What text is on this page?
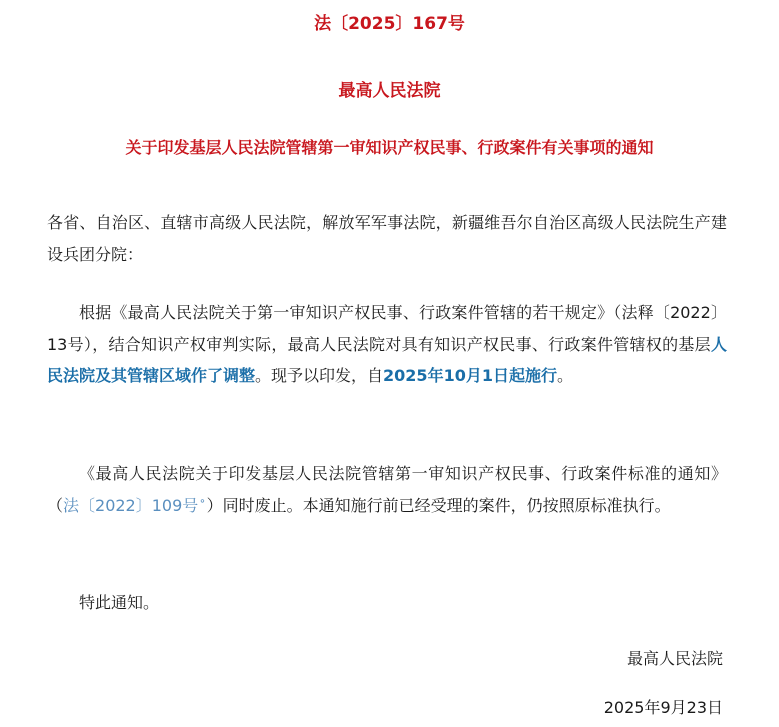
法〔2025〕167号
最高人民法院
关于印发基层人民法院管辖第一审知识产权民事、行政案件有关事项的通知

各省、自治区、直辖市高级人民法院，解放军军事法院，新疆维吾尔自治区高级人民法院生产建设兵团分院：

根据《最高人民法院关于第一审知识产权民事、行政案件管辖的若干规定》（法释〔2022〕13号），结合知识产权审判实际，最高人民法院对具有知识产权民事、行政案件管辖权的基层人民法院及其管辖区域作了调整。现予以印发，自2025年10月1日起施行。

《最高人民法院关于印发基层人民法院管辖第一审知识产权民事、行政案件标准的通知》（法〔2022〕109号⚬）同时废止。本通知施行前已经受理的案件，仍按照原标准执行。

特此通知。

最高人民法院
2025年9月23日
